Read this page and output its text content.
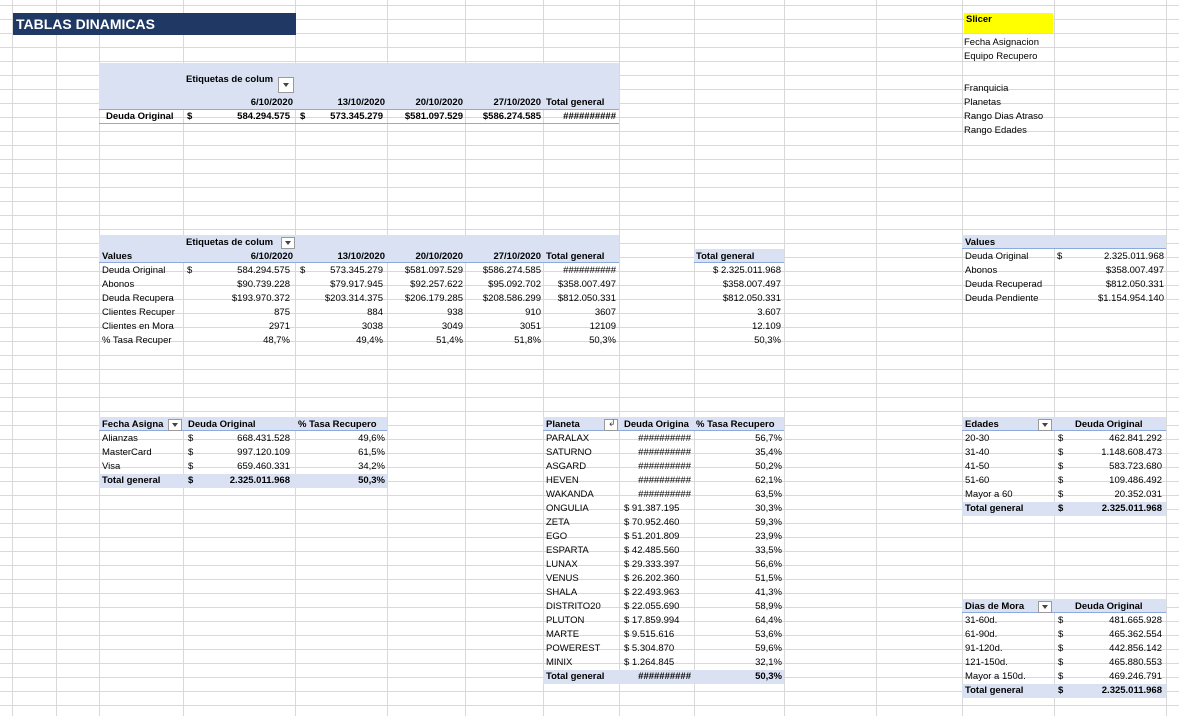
TABLAS DINAMICAS	Slicer
Fecha Asignacion
Equipo Recupero
Franquicia
Planetas
Rango Dias Atraso
Rango Edades
Etiquetas de colum
6/10/2020	13/10/2020	20/10/2020	27/10/2020 Total general
Deuda Original $	584.294.575 $	573.345.279	$581.097.529	$586.274.585	##########
Etiquetas de colum
Values	6/10/2020	13/10/2020	20/10/2020	27/10/2020 Total general	Total general
Deuda Original $	$
584.294.575	573.345.279	$581.097.529	$586.274.585	##########	$ 2.325.011.968
Abonos	$90.739.228	$79.917.945	$92.257.622	$95.092.702	$358.007.497	$358.007.497
Deuda Recupera	$193.970.372	$203.314.375	$206.179.285	$208.586.299	$812.050.331	$812.050.331
Clientes Recuper	875	884	938	910	3607	3.607
Clientes en Mora	2971	3038	3049	3051	12109	12.109
% Tasa Recuper	48,7%	49,4%	51,4%	51,8%	50,3%	50,3%
Values
Deuda Original	$	2.325.011.968
Abonos	$358.007.497
Deuda Recuperad	$812.050.331
Deuda Pendiente	$1.154.954.140
Fecha Asigna	Deuda Original	% Tasa Recupero
Alianzas	$	668.431.528	49,6%
MasterCard	$	997.120.109	61,5%
Visa	$	659.460.331	34,2%
Total general	$	2.325.011.968	50,3%
Planeta
↲	Deuda Origina % Tasa Recupero
PARALAX	##########	56,7%
SATURNO	##########	35,4%
ASGARD	##########	50,2%
HEVEN	##########	62,1%
WAKANDA	##########	63,5%
ONGULIA	$ 91.387.195	30,3%
ZETA	$ 70.952.460	59,3%
EGO	$ 51.201.809	23,9%
ESPARTA	$ 42.485.560	33,5%
LUNAX	$ 29.333.397	56,6%
VENUS	$ 26.202.360	51,5%
SHALA	$ 22.493.963	41,3%
DISTRITO20 $ 22.055.690	58,9%
PLUTON	$ 17.859.994	64,4%
MARTE	$ 9.515.616	53,6%
POWEREST $ 5.304.870	59,6%
MINIX	$ 1.264.845	32,1%
Total general	##########	50,3%
Edades	Deuda Original
20-30	$	462.841.292
31-40	$	1.148.608.473
41-50	$	583.723.680
51-60	$	109.486.492
Mayor a 60	$	20.352.031
Total general	$	2.325.011.968
Dias de Mora	Deuda Original
31-60d.	$	481.665.928
61-90d.	$	465.362.554
91-120d.	$	442.856.142
121-150d.	$	465.880.553
Mayor a 150d.	$	469.246.791
Total general	$	2.325.011.968
